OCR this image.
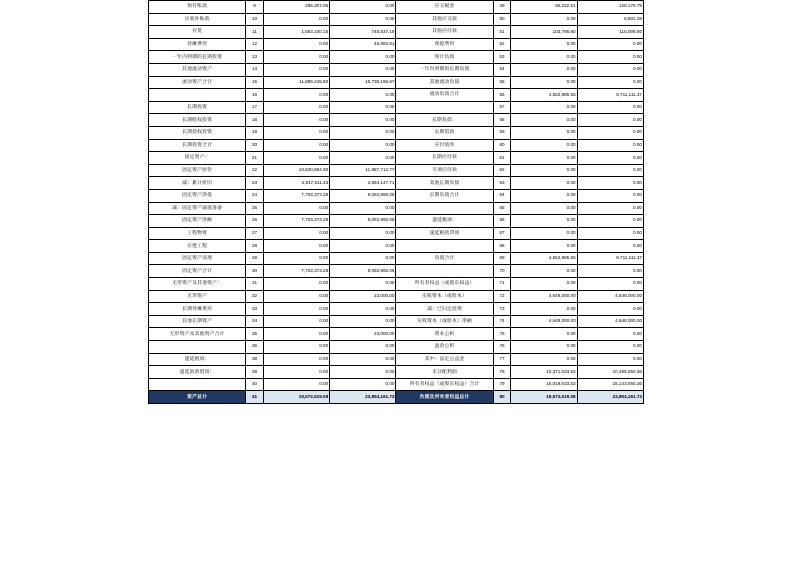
预付账款	9	255,307.06	0.00	应交税金	49	92,222.51	128,175.79
应收补贴款	10	0.00	0.00	其他应交款	50	0.00	6,501.28
存货	11	1,553,100.16	740,837.19	其他应付款	51	103,786.80	116,008.80
待摊费用	12	0.00	45,963.91	预提费用	52	0.00	0.00
一年内到期的长期投资	13	0.00	0.00	预计负债	53	0.00	0.00
其他流动资产	14	0.00	0.00	一年内到期的长期负债	54	0.00	0.00
流动资产合计	15	11,889,245.80	15,738,196.67	其他流动负债	55	0.00	0.00
	16	0.00	0.00	流动负债合计	56	4,552,985.55	8,711,111.37
长期投资	17	0.00	0.00		57	0.00	0.00
长期股权投资	18	0.00	0.00	长期负债：	58	0.00	0.00
长期债权投资	19	0.00	0.00	长期借款	59	0.00	0.00
长期投资合计	20	0.00	0.00	应付债券	60	0.00	0.00
固定资产：	21	0.00	0.00	长期应付款	61	0.00	0.00
固定资产原价	22	10,620,884.90	11,987,712.77	专项应付款	62	0.00	0.00
减：累计折旧	23	2,917,511.43	3,894,147.71	其他长期负债	63	0.00	0.00
固定资产净值	24	7,703,373.28	8,092,965.06	长期负债合计	64	0.00	0.00
减：固定资产减值准备	25	0.00	0.00		65	0.00	0.00
固定资产净额	26	7,703,373.28	8,092,965.06	递延税项：	66	0.00	0.00
工程物资	27	0.00	0.00	递延税款贷项	67	0.00	0.00
在建工程	28	0.00	0.00		68	0.00	0.00
固定资产清理	29	0.00	0.00	负债合计	69	4,552,985.55	8,711,111.37
固定资产合计	30	7,703,373.28	8,092,965.06		70	0.00	0.00
无形资产及其他资产：	31	0.00	0.00	所有者权益（或股东权益）	71	0.00	0.00
无形资产	32	0.00	23,000.00	实收资本（或股本）	72	4,648,000.00	4,648,000.00
长期待摊费用	33	0.00	0.00	减：已归还投资	73	0.00	0.00
其他长期资产	34	0.00	0.00	实收资本（或股本）净额	74	4,648,000.00	4,648,000.00
无形资产及其他资产合计	35	0.00	23,000.00	资本公积	75	0.00	0.00
	36	0.00	0.00	盈余公积	76	0.00	0.00
递延税项：	38	0.00	0.00	其中：法定公益金	77	0.00	0.00
递延款款借项：	39	0.00	0.00	未分配利润	78	10,371,633.53	10,495,050.36
	40	0.00	0.00	所有者权益（或股东权益）合计	79	15,019,633.53	15,143,050.36
资产总计	41	19,572,619.08	23,854,161.73	负债及所有者权益总计	80	19,572,619.08	23,854,161.73
